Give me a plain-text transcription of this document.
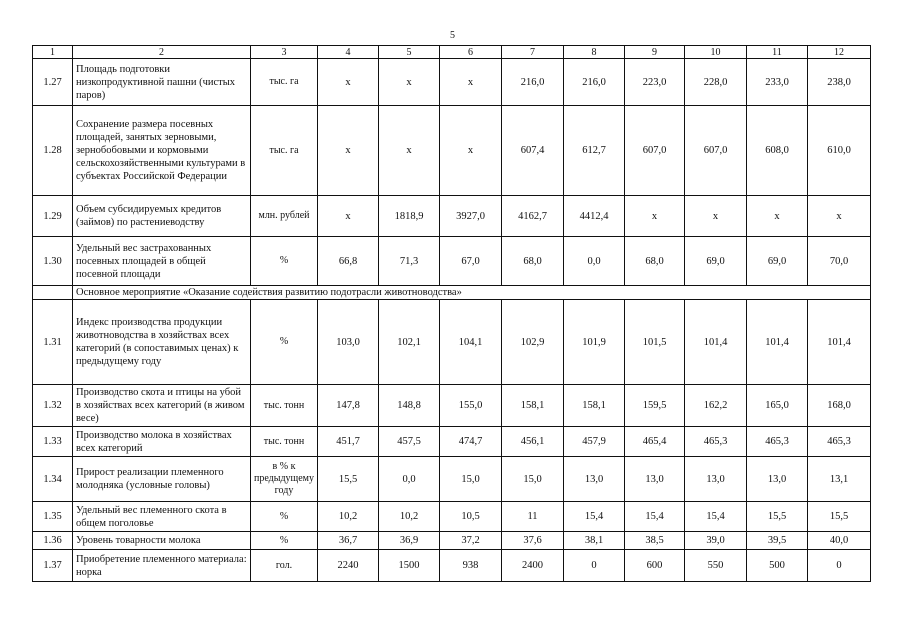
5
1	2	3	4	5	6	7	8	9	10	11	12
1.27	Площадь подготовки низкопродуктивной пашни (чистых паров)	тыс. га	х	х	х	216,0	216,0	223,0	228,0	233,0	238,0
1.28	Сохранение размера посевных площадей, занятых зерновыми, зернобобовыми и кормовыми сельскохозяйственными культурами в субъектах Российской Федерации	тыс. га	х	х	х	607,4	612,7	607,0	607,0	608,0	610,0
1.29	Объем субсидируемых кредитов (займов) по растениеводству	млн. рублей	х	1818,9	3927,0	4162,7	4412,4	х	х	х	х
1.30	Удельный вес застрахованных посевных площадей в общей посевной площади	%	66,8	71,3	67,0	68,0	0,0	68,0	69,0	69,0	70,0
	Основное мероприятие «Оказание содействия развитию подотрасли животноводства»										
1.31	Индекс производства продукции животноводства в хозяйствах всех категорий (в сопоставимых ценах) к предыдущему году	%	103,0	102,1	104,1	102,9	101,9	101,5	101,4	101,4	101,4
1.32	Производство скота и птицы на убой в хозяйствах всех категорий (в живом весе)	тыс. тонн	147,8	148,8	155,0	158,1	158,1	159,5	162,2	165,0	168,0
1.33	Производство молока в хозяйствах всех категорий	тыс. тонн	451,7	457,5	474,7	456,1	457,9	465,4	465,3	465,3	465,3
1.34	Прирост реализации племенного молодняка (условные головы)	в % к предыдущему году	15,5	0,0	15,0	15,0	13,0	13,0	13,0	13,0	13,1
1.35	Удельный вес племенного скота в общем поголовье	%	10,2	10,2	10,5	11	15,4	15,4	15,4	15,5	15,5
1.36	Уровень товарности молока	%	36,7	36,9	37,2	37,6	38,1	38,5	39,0	39,5	40,0
1.37	Приобретение племенного материала: норка	гол.	2240	1500	938	2400	0	600	550	500	0
